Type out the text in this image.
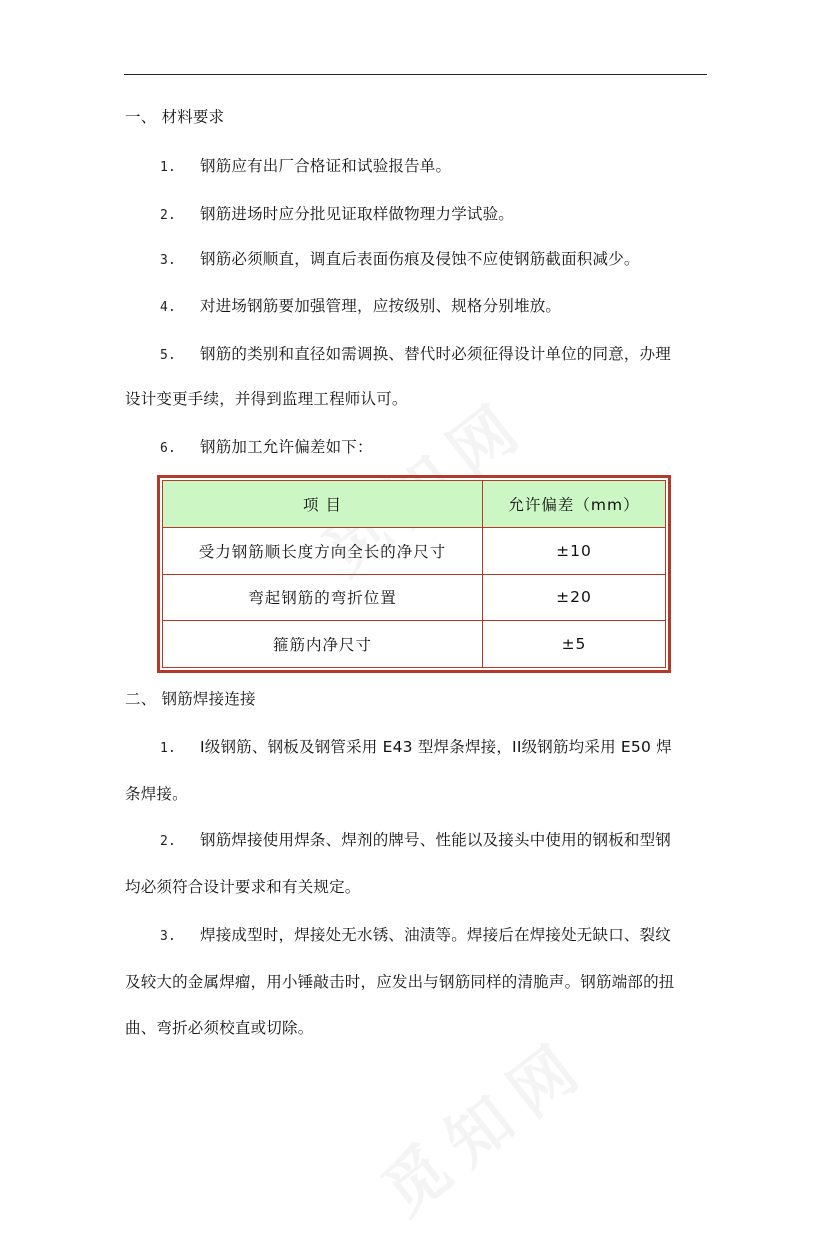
一、 材料要求
1. 钢筋应有出厂合格证和试验报告单。
2. 钢筋进场时应分批见证取样做物理力学试验。
3. 钢筋必须顺直，调直后表面伤痕及侵蚀不应使钢筋截面积减少。
4. 对进场钢筋要加强管理，应按级别、规格分别堆放。
5. 钢筋的类别和直径如需调换、替代时必须征得设计单位的同意，办理
设计变更手续，并得到监理工程师认可。
6. 钢筋加工允许偏差如下：
项 目	允许偏差（mm）
受力钢筋顺长度方向全长的净尺寸	±10
弯起钢筋的弯折位置	±20
箍筋内净尺寸	±5
二、 钢筋焊接连接
1. I级钢筋、钢板及钢管采用 E43 型焊条焊接，II级钢筋均采用 E50 焊
条焊接。
2. 钢筋焊接使用焊条、焊剂的牌号、性能以及接头中使用的钢板和型钢
均必须符合设计要求和有关规定。
3. 焊接成型时，焊接处无水锈、油渍等。焊接后在焊接处无缺口、裂纹
及较大的金属焊瘤，用小锤敲击时，应发出与钢筋同样的清脆声。钢筋端部的扭
曲、弯折必须校直或切除。
